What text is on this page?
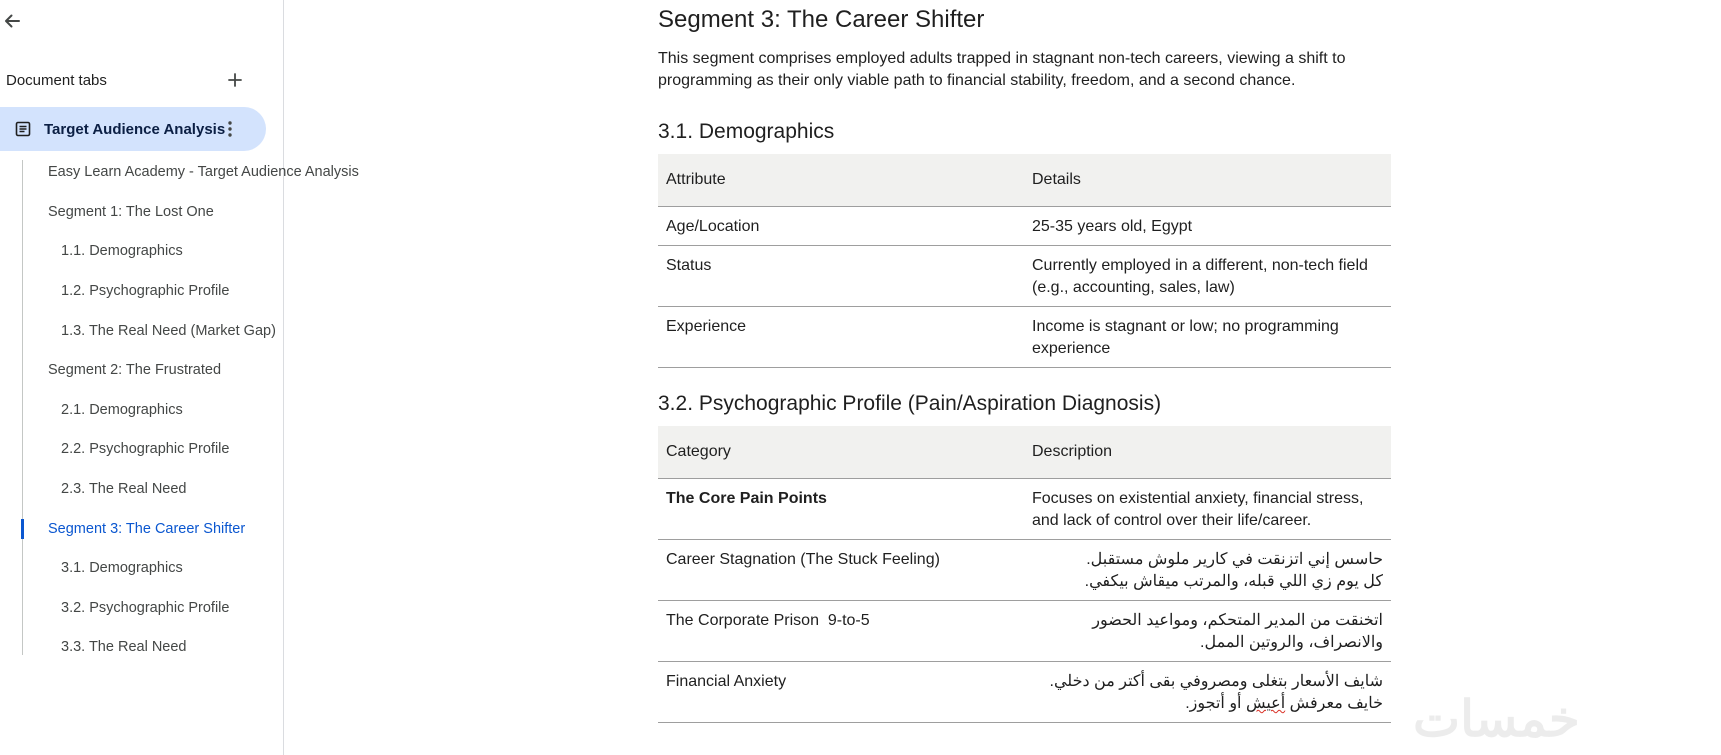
Document tabs
Target Audience Analysis
Easy Learn Academy - Target Audience Analysis
Segment 1: The Lost One
1.1. Demographics
1.2. Psychographic Profile
1.3. The Real Need (Market Gap)
Segment 2: The Frustrated
2.1. Demographics
2.2. Psychographic Profile
2.3. The Real Need
Segment 3: The Career Shifter
3.1. Demographics
3.2. Psychographic Profile
3.3. The Real Need
Segment 3: The Career Shifter
This segment comprises employed adults trapped in stagnant non-tech careers, viewing a shift to programming as their only viable path to financial stability, freedom, and a second chance.
3.1. Demographics
Attribute	Details
Age/Location	25-35 years old, Egypt
Status	Currently employed in a different, non-tech field (e.g., accounting, sales, law)
Experience	Income is stagnant or low; no programming experience
3.2. Psychographic Profile (Pain/Aspiration Diagnosis)
Category	Description
The Core Pain Points	Focuses on existential anxiety, financial stress, and lack of control over their life/career.
Career Stagnation (The Stuck Feeling)	حاسس إني اتزنقت في كارير ملوش مستقبل.
كل يوم زي اللي قبله، والمرتب ميقاش بيكفي.
The Corporate Prison  9-to-5	اتخنقت من المدير المتحكم، ومواعيد الحضور
والانصراف، والروتين الممل.
Financial Anxiety	شايف الأسعار بتغلى ومصروفي بقى أكتر من دخلي.
خايف معرفش أعيش أو أتجوز.	خمسات
